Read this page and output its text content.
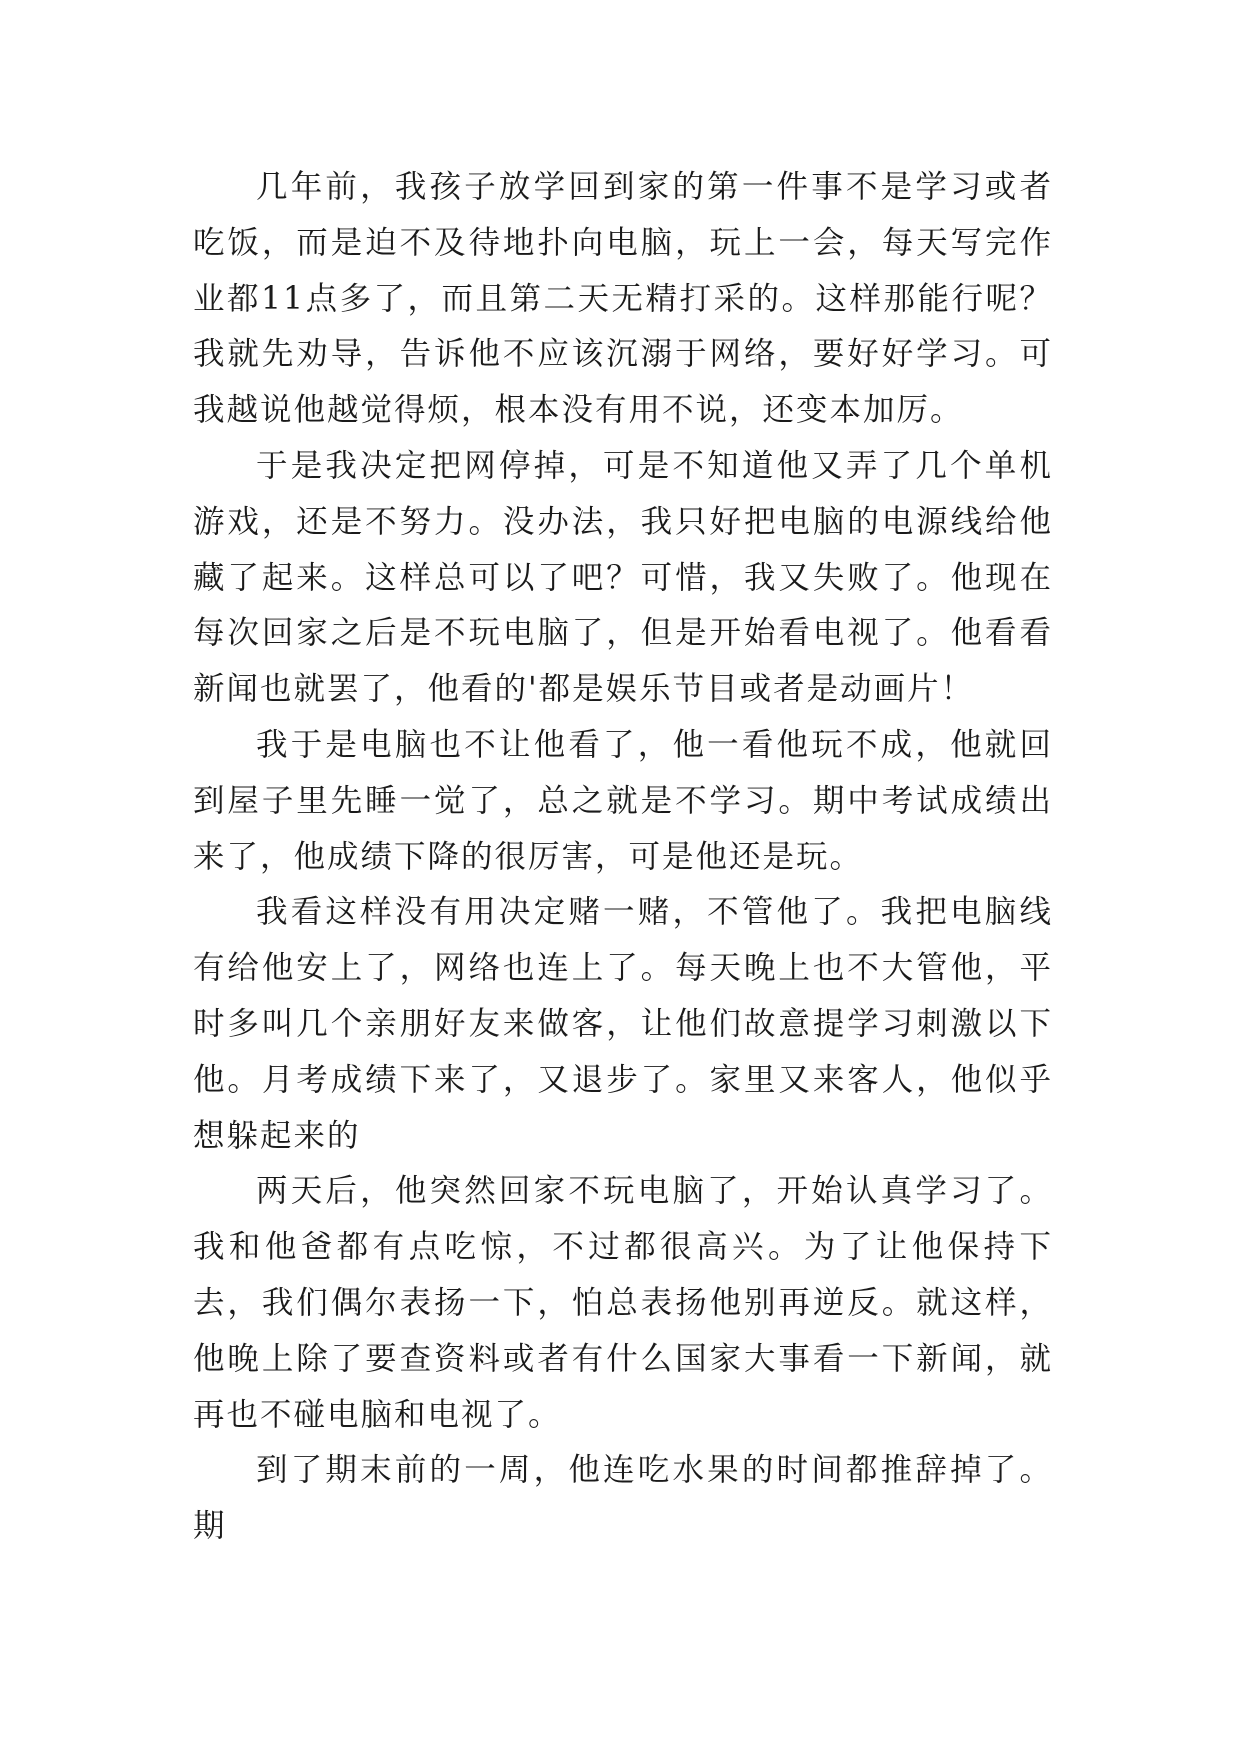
几年前，我孩子放学回到家的第一件事不是学习或者吃饭，而是迫不及待地扑向电脑，玩上一会，每天写完作业都11点多了，而且第二天无精打采的。这样那能行呢？我就先劝导，告诉他不应该沉溺于网络，要好好学习。可我越说他越觉得烦，根本没有用不说，还变本加厉。

于是我决定把网停掉，可是不知道他又弄了几个单机游戏，还是不努力。没办法，我只好把电脑的电源线给他藏了起来。这样总可以了吧？可惜，我又失败了。他现在每次回家之后是不玩电脑了，但是开始看电视了。他看看新闻也就罢了，他看的'都是娱乐节目或者是动画片！

我于是电脑也不让他看了，他一看他玩不成，他就回到屋子里先睡一觉了，总之就是不学习。期中考试成绩出来了，他成绩下降的很厉害，可是他还是玩。

我看这样没有用决定赌一赌，不管他了。我把电脑线有给他安上了，网络也连上了。每天晚上也不大管他，平时多叫几个亲朋好友来做客，让他们故意提学习刺激以下他。月考成绩下来了，又退步了。家里又来客人，他似乎想躲起来的

两天后，他突然回家不玩电脑了，开始认真学习了。我和他爸都有点吃惊，不过都很高兴。为了让他保持下去，我们偶尔表扬一下，怕总表扬他别再逆反。就这样，他晚上除了要查资料或者有什么国家大事看一下新闻，就再也不碰电脑和电视了。

到了期末前的一周，他连吃水果的时间都推辞掉了。期
